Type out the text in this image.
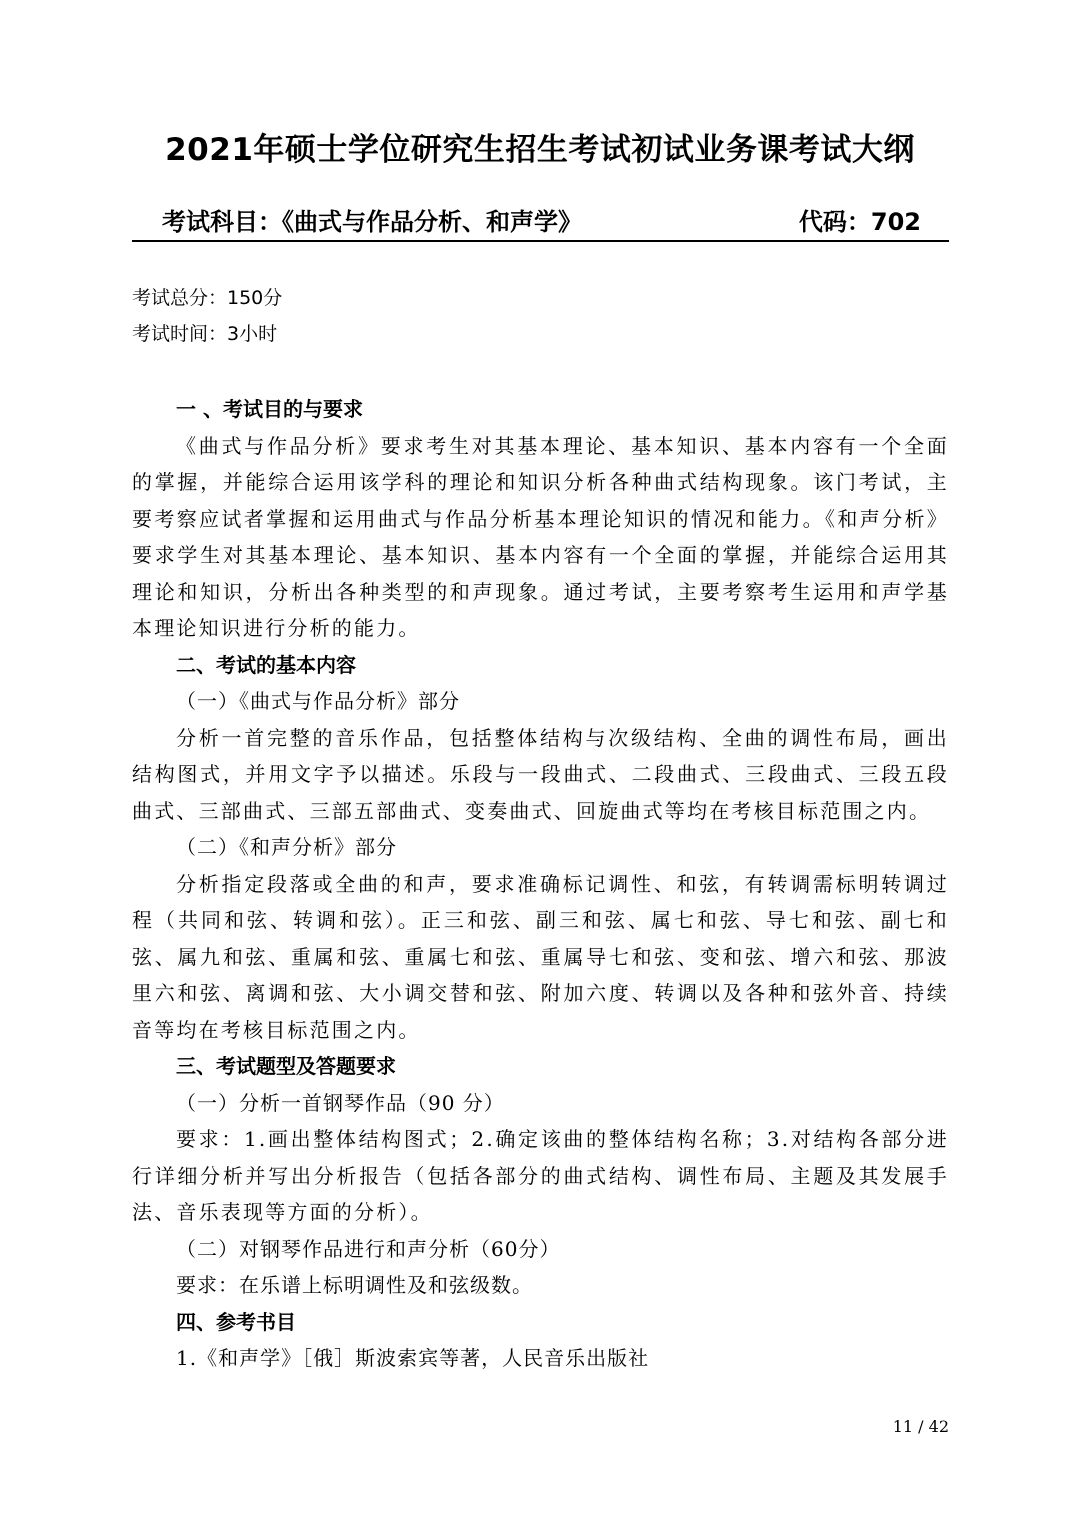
2021年硕士学位研究生招生考试初试业务课考试大纲
考试科目：《曲式与作品分析、和声学》	代码：702
考试总分：150分
考试时间：3小时
一 、考试目的与要求
《曲式与作品分析》要求考生对其基本理论、基本知识、基本内容有一个全面的掌握，并能综合运用该学科的理论和知识分析各种曲式结构现象。该门考试，主要考察应试者掌握和运用曲式与作品分析基本理论知识的情况和能力。《和声分析》要求学生对其基本理论、基本知识、基本内容有一个全面的掌握，并能综合运用其理论和知识，分析出各种类型的和声现象。通过考试，主要考察考生运用和声学基本理论知识进行分析的能力。
二、考试的基本内容
（一）《曲式与作品分析》部分
分析一首完整的音乐作品，包括整体结构与次级结构、全曲的调性布局，画出结构图式，并用文字予以描述。乐段与一段曲式、二段曲式、三段曲式、三段五段曲式、三部曲式、三部五部曲式、变奏曲式、回旋曲式等均在考核目标范围之内。
（二）《和声分析》部分
分析指定段落或全曲的和声，要求准确标记调性、和弦，有转调需标明转调过程（共同和弦、转调和弦）。正三和弦、副三和弦、属七和弦、导七和弦、副七和弦、属九和弦、重属和弦、重属七和弦、重属导七和弦、变和弦、增六和弦、那波里六和弦、离调和弦、大小调交替和弦、附加六度、转调以及各种和弦外音、持续音等均在考核目标范围之内。
三、考试题型及答题要求
（一）分析一首钢琴作品（90 分）
要求：1.画出整体结构图式；2.确定该曲的整体结构名称；3.对结构各部分进行详细分析并写出分析报告（包括各部分的曲式结构、调性布局、主题及其发展手法、音乐表现等方面的分析）。
（二）对钢琴作品进行和声分析（60分）
要求：在乐谱上标明调性及和弦级数。
四、参考书目
1.《和声学》［俄］斯波索宾等著，人民音乐出版社
11 / 42
